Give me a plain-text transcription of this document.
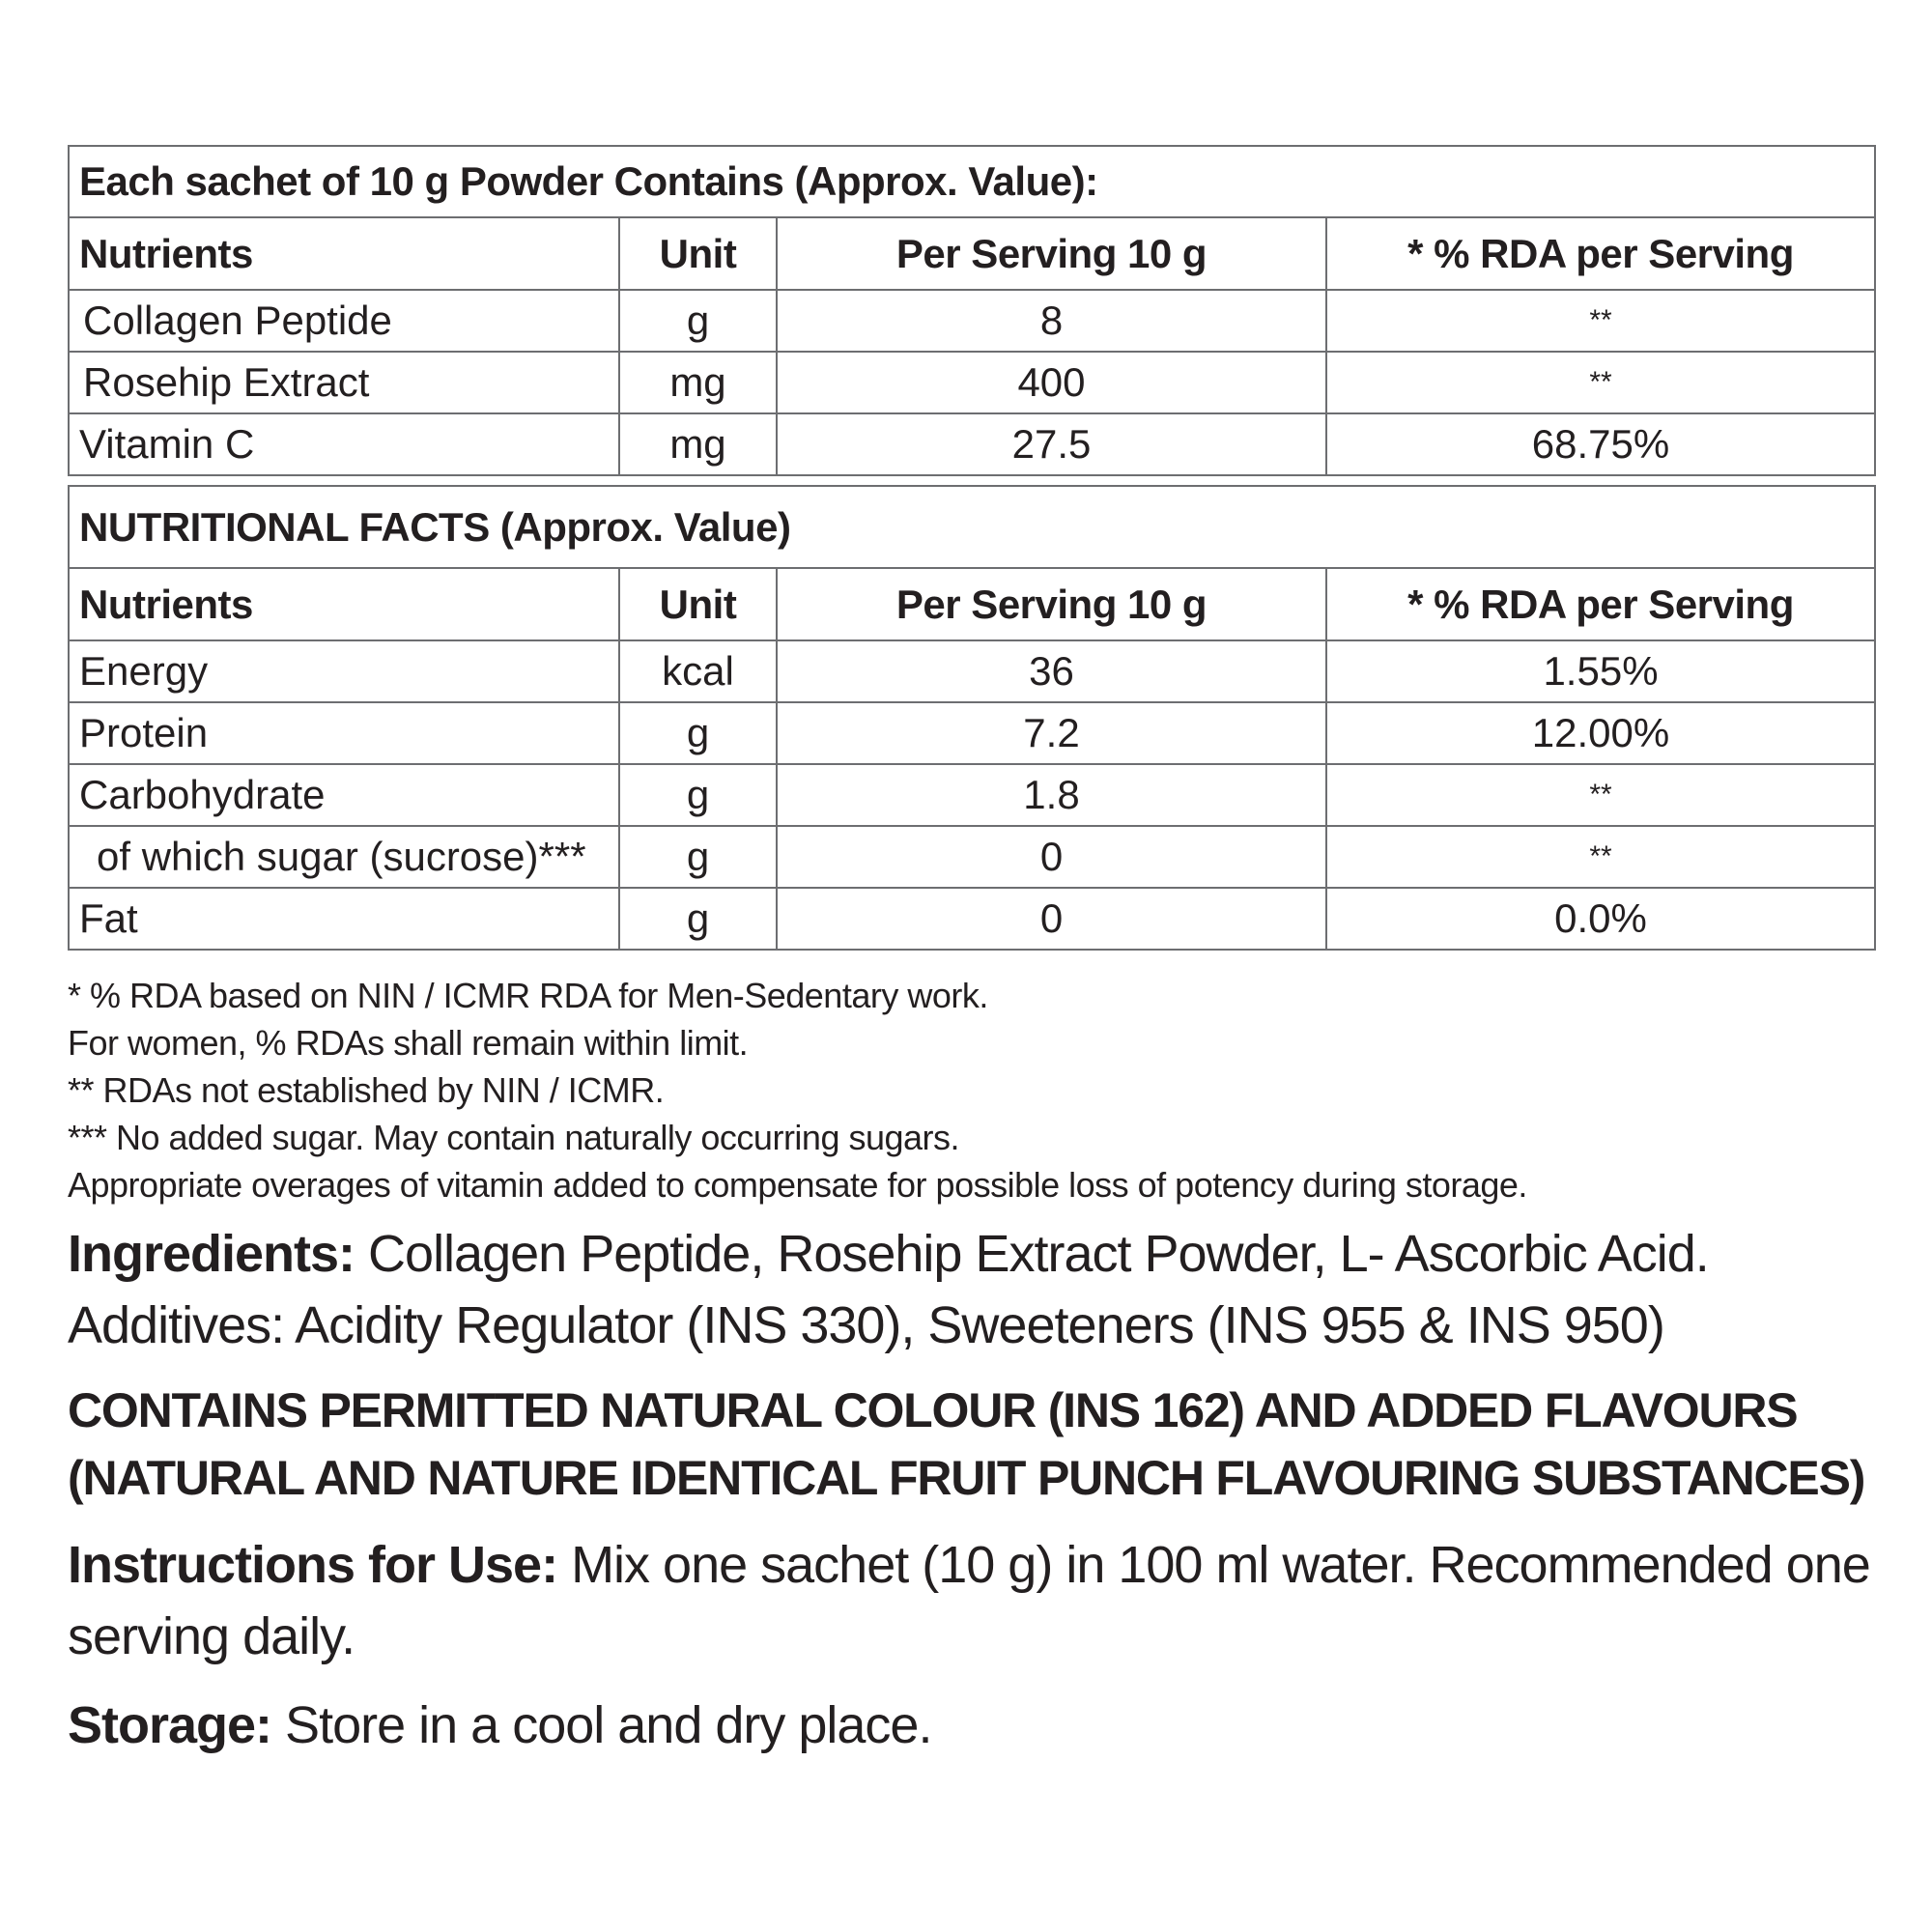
Each sachet of 10 g Powder Contains (Approx. Value):			
Nutrients	Unit	Per Serving 10 g	* % RDA per Serving
Collagen Peptide	g	8	**
Rosehip Extract	mg	400	**
Vitamin C	mg	27.5	68.75%
NUTRITIONAL FACTS (Approx. Value)			
Nutrients	Unit	Per Serving 10 g	* % RDA per Serving
Energy	kcal	36	1.55%
Protein	g	7.2	12.00%
Carbohydrate	g	1.8	**
of which sugar (sucrose)***	g	0	**
Fat	g	0	0.0%
* % RDA based on NIN / ICMR RDA for Men-Sedentary work.
For women, % RDAs shall remain within limit.
** RDAs not established by NIN / ICMR.
*** No added sugar. May contain naturally occurring sugars.
Appropriate overages of vitamin added to compensate for possible loss of potency during storage.
Ingredients: Collagen Peptide, Rosehip Extract Powder, L- Ascorbic Acid.
Additives: Acidity Regulator (INS 330), Sweeteners (INS 955 & INS 950)
CONTAINS PERMITTED NATURAL COLOUR (INS 162) AND ADDED FLAVOURS
(NATURAL AND NATURE IDENTICAL FRUIT PUNCH FLAVOURING SUBSTANCES)
Instructions for Use: Mix one sachet (10 g) in 100 ml water. Recommended one serving daily.
Storage: Store in a cool and dry place.
